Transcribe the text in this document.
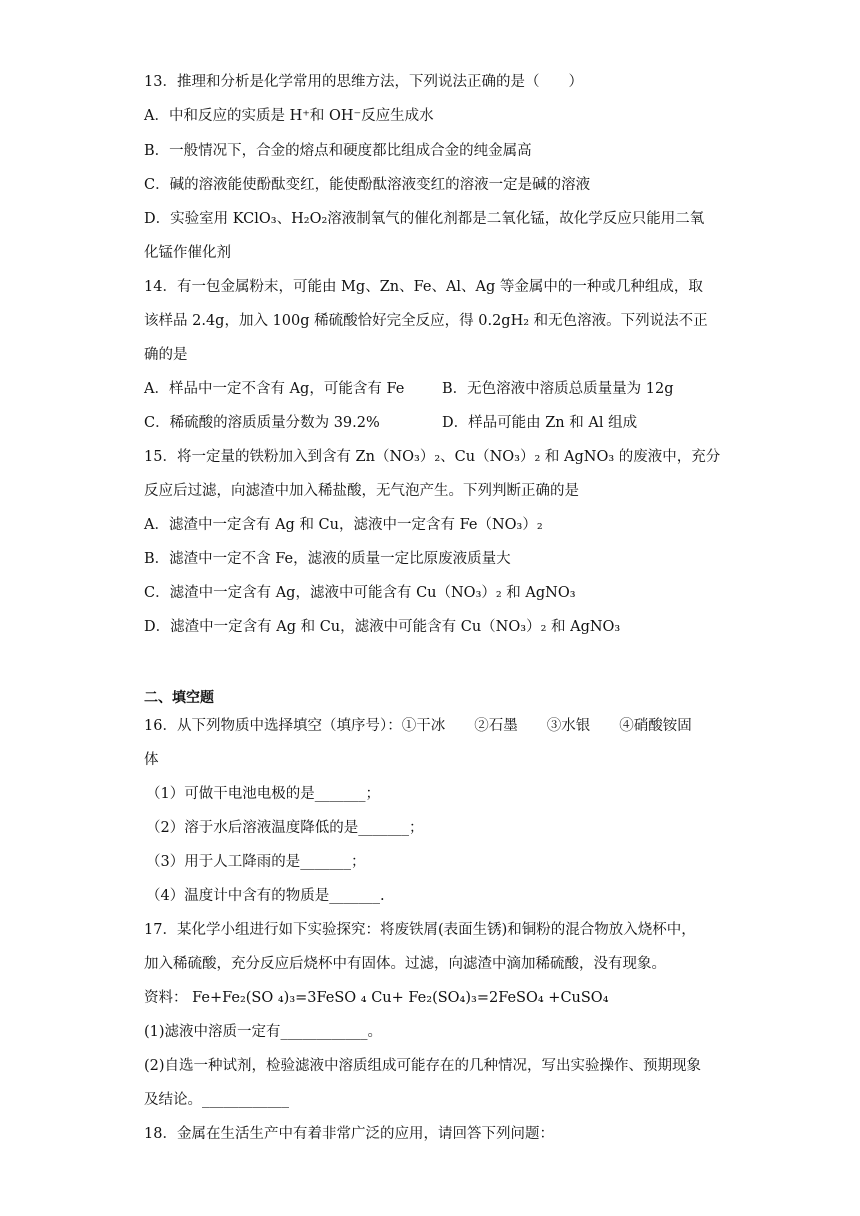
13．推理和分析是化学常用的思维方法，下列说法正确的是（　　）
A．中和反应的实质是 H⁺和 OH⁻反应生成水
B．一般情况下，合金的熔点和硬度都比组成合金的纯金属高
C．碱的溶液能使酚酞变红，能使酚酞溶液变红的溶液一定是碱的溶液
D．实验室用 KClO₃、H₂O₂溶液制氧气的催化剂都是二氧化锰，故化学反应只能用二氧
化锰作催化剂
14．有一包金属粉末，可能由 Mg、Zn、Fe、Al、Ag 等金属中的一种或几种组成，取
该样品 2.4g，加入 100g 稀硫酸恰好完全反应，得 0.2gH₂ 和无色溶液。下列说法不正
确的是
A．样品中一定不含有 Ag，可能含有 Fe	B．无色溶液中溶质总质量量为 12g
C．稀硫酸的溶质质量分数为 39.2%	D．样品可能由 Zn 和 Al 组成
15．将一定量的铁粉加入到含有 Zn（NO₃）₂、Cu（NO₃）₂ 和 AgNO₃ 的废液中，充分
反应后过滤，向滤渣中加入稀盐酸，无气泡产生。下列判断正确的是
A．滤渣中一定含有 Ag 和 Cu，滤液中一定含有 Fe（NO₃）₂
B．滤渣中一定不含 Fe，滤液的质量一定比原废液质量大
C．滤渣中一定含有 Ag，滤液中可能含有 Cu（NO₃）₂ 和 AgNO₃
D．滤渣中一定含有 Ag 和 Cu，滤液中可能含有 Cu（NO₃）₂ 和 AgNO₃
二、填空题
16．从下列物质中选择填空（填序号）：①干冰　　②石墨　　③水银　　④硝酸铵固
体
（1）可做干电池电极的是_______；
（2）溶于水后溶液温度降低的是_______；
（3）用于人工降雨的是_______；
（4）温度计中含有的物质是_______.
17．某化学小组进行如下实验探究：将废铁屑(表面生锈)和铜粉的混合物放入烧杯中，
加入稀硫酸，充分反应后烧杯中有固体。过滤，向滤渣中滴加稀硫酸，没有现象。
资料： Fe+Fe₂(SO ₄)₃=3FeSO ₄ Cu+ Fe₂(SO₄)₃=2FeSO₄ +CuSO₄
(1)滤液中溶质一定有____________。
(2)自选一种试剂，检验滤液中溶质组成可能存在的几种情况，写出实验操作、预期现象
及结论。____________
18．金属在生活生产中有着非常广泛的应用，请回答下列问题：
